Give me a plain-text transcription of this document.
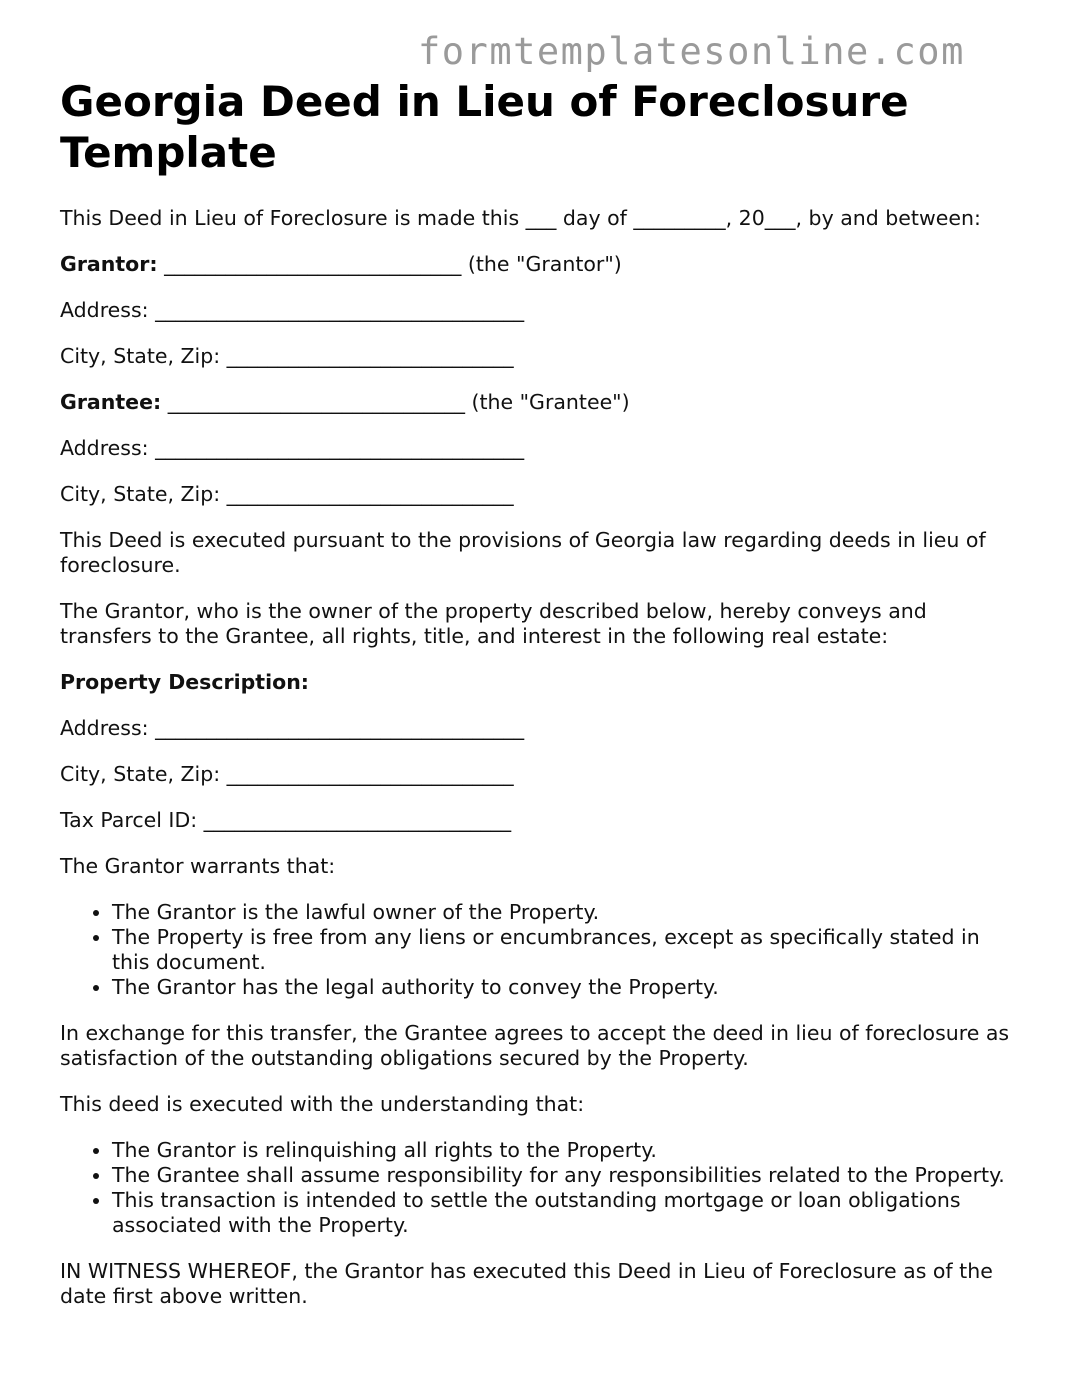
formtemplatesonline.com
Georgia Deed in Lieu of Foreclosure Template

This Deed in Lieu of Foreclosure is made this ___ day of _________, 20___, by and between:

Grantor: _____________________________ (the "Grantor")

Address: ____________________________________

City, State, Zip: ____________________________

Grantee: _____________________________ (the "Grantee")

Address: ____________________________________

City, State, Zip: ____________________________

This Deed is executed pursuant to the provisions of Georgia law regarding deeds in lieu of foreclosure.

The Grantor, who is the owner of the property described below, hereby conveys and transfers to the Grantee, all rights, title, and interest in the following real estate:

Property Description:

Address: ____________________________________

City, State, Zip: ____________________________

Tax Parcel ID: ______________________________

The Grantor warrants that:

• The Grantor is the lawful owner of the Property.
• The Property is free from any liens or encumbrances, except as specifically stated in this document.
• The Grantor has the legal authority to convey the Property.

In exchange for this transfer, the Grantee agrees to accept the deed in lieu of foreclosure as satisfaction of the outstanding obligations secured by the Property.

This deed is executed with the understanding that:

• The Grantor is relinquishing all rights to the Property.
• The Grantee shall assume responsibility for any responsibilities related to the Property.
• This transaction is intended to settle the outstanding mortgage or loan obligations associated with the Property.

IN WITNESS WHEREOF, the Grantor has executed this Deed in Lieu of Foreclosure as of the date first above written.
